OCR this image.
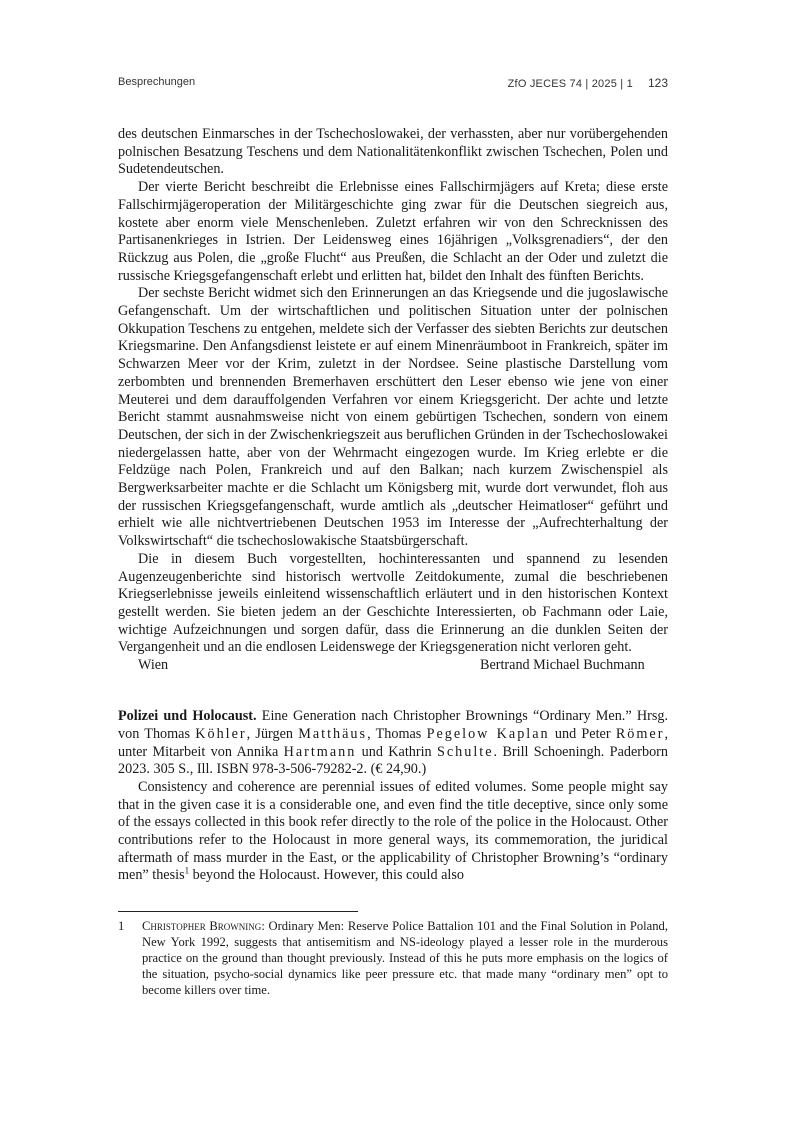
Besprechungen	ZfO JECES 74 | 2025 | 1 123

des deutschen Einmarsches in der Tschechoslowakei, der verhassten, aber nur vorübergehenden polnischen Besatzung Teschens und dem Nationalitätenkonflikt zwischen Tschechen, Polen und Sudetendeutschen.

Der vierte Bericht beschreibt die Erlebnisse eines Fallschirmjägers auf Kreta; diese erste Fallschirmjägeroperation der Militärgeschichte ging zwar für die Deutschen siegreich aus, kostete aber enorm viele Menschenleben. Zuletzt erfahren wir von den Schrecknissen des Partisanenkrieges in Istrien. Der Leidensweg eines 16jährigen „Volksgrenadiers“, der den Rückzug aus Polen, die „große Flucht“ aus Preußen, die Schlacht an der Oder und zuletzt die russische Kriegsgefangenschaft erlebt und erlitten hat, bildet den Inhalt des fünften Berichts.

Der sechste Bericht widmet sich den Erinnerungen an das Kriegsende und die jugoslawische Gefangenschaft. Um der wirtschaftlichen und politischen Situation unter der polnischen Okkupation Teschens zu entgehen, meldete sich der Verfasser des siebten Berichts zur deutschen Kriegsmarine. Den Anfangsdienst leistete er auf einem Minenräumboot in Frankreich, später im Schwarzen Meer vor der Krim, zuletzt in der Nordsee. Seine plastische Darstellung vom zerbombten und brennenden Bremerhaven erschüttert den Leser ebenso wie jene von einer Meuterei und dem darauffolgenden Verfahren vor einem Kriegsgericht. Der achte und letzte Bericht stammt ausnahmsweise nicht von einem gebürtigen Tschechen, sondern von einem Deutschen, der sich in der Zwischenkriegszeit aus beruflichen Gründen in der Tschechoslowakei niedergelassen hatte, aber von der Wehrmacht eingezogen wurde. Im Krieg erlebte er die Feldzüge nach Polen, Frankreich und auf den Balkan; nach kurzem Zwischenspiel als Bergwerksarbeiter machte er die Schlacht um Königsberg mit, wurde dort verwundet, floh aus der russischen Kriegsgefangenschaft, wurde amtlich als „deutscher Heimatloser“ geführt und erhielt wie alle nichtvertriebenen Deutschen 1953 im Interesse der „Aufrechterhaltung der Volkswirtschaft“ die tschechoslowakische Staatsbürgerschaft.

Die in diesem Buch vorgestellten, hochinteressanten und spannend zu lesenden Augenzeugenberichte sind historisch wertvolle Zeitdokumente, zumal die beschriebenen Kriegserlebnisse jeweils einleitend wissenschaftlich erläutert und in den historischen Kontext gestellt werden. Sie bieten jedem an der Geschichte Interessierten, ob Fachmann oder Laie, wichtige Aufzeichnungen und sorgen dafür, dass die Erinnerung an die dunklen Seiten der Vergangenheit und an die endlosen Leidenswege der Kriegsgeneration nicht verloren geht.

Wien	Bertrand Michael Buchmann

Polizei und Holocaust. Eine Generation nach Christopher Brownings “Ordinary Men.” Hrsg. von Thomas Köhler, Jürgen Matthäus, Thomas Pegelow Kaplan und Peter Römer, unter Mitarbeit von Annika Hartmann und Kathrin Schulte. Brill Schoeningh. Paderborn 2023. 305 S., Ill. ISBN 978-3-506-79282-2. (€ 24,90.)

Consistency and coherence are perennial issues of edited volumes. Some people might say that in the given case it is a considerable one, and even find the title deceptive, since only some of the essays collected in this book refer directly to the role of the police in the Holocaust. Other contributions refer to the Holocaust in more general ways, its commemoration, the juridical aftermath of mass murder in the East, or the applicability of Christopher Browning’s “ordinary men” thesis$^1$ beyond the Holocaust. However, this could also

1 Christopher Browning: Ordinary Men: Reserve Police Battalion 101 and the Final Solution in Poland, New York 1992, suggests that antisemitism and NS-ideology played a lesser role in the murderous practice on the ground than thought previously. Instead of this he puts more emphasis on the logics of the situation, psycho-social dynamics like peer pressure etc. that made many “ordinary men” opt to become killers over time.
